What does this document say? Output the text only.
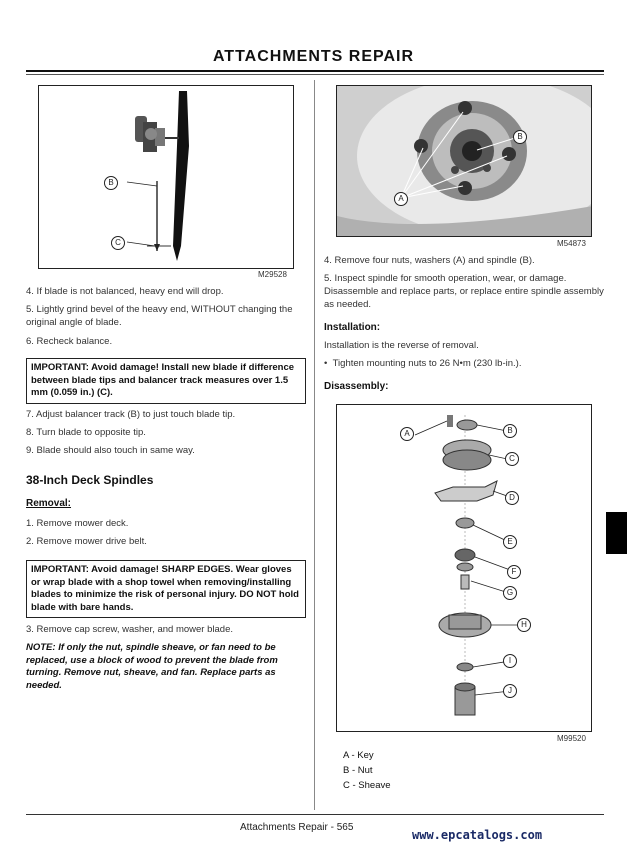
ATTACHMENTS REPAIR
B
C
M29528
4. If blade is not balanced, heavy end will drop.
5. Lightly grind bevel of the heavy end, WITHOUT changing the original angle of blade.
6. Recheck balance.
IMPORTANT: Avoid damage! Install new blade if difference between blade tips and balancer track measures over 1.5 mm (0.059 in.) (C).
7. Adjust balancer track (B) to just touch blade tip.
8. Turn blade to opposite tip.
9. Blade should also touch in same way.
38-Inch Deck Spindles
Removal:
1. Remove mower deck.
2. Remove mower drive belt.
IMPORTANT: Avoid damage! SHARP EDGES. Wear gloves or wrap blade with a shop towel when removing/installing blades to minimize the risk of personal injury. DO NOT hold blade with bare hands.
3. Remove cap screw, washer, and mower blade.
NOTE: If only the nut, spindle sheave, or fan need to be replaced, use a block of wood to prevent the blade from turning. Remove nut, sheave, and fan. Replace parts as needed.
B
A
M54873
4. Remove four nuts, washers (A) and spindle (B).
5. Inspect spindle for smooth operation, wear, or damage. Disassemble and replace parts, or replace entire spindle assembly as needed.
Installation:
Installation is the reverse of removal.
•  Tighten mounting nuts to 26 N•m (230 lb-in.).
Disassembly:
A	B
C
D
E
F
G
H
I
J
M99520
A - Key
B - Nut
C - Sheave
Attachments Repair - 565
www.epcatalogs.com
